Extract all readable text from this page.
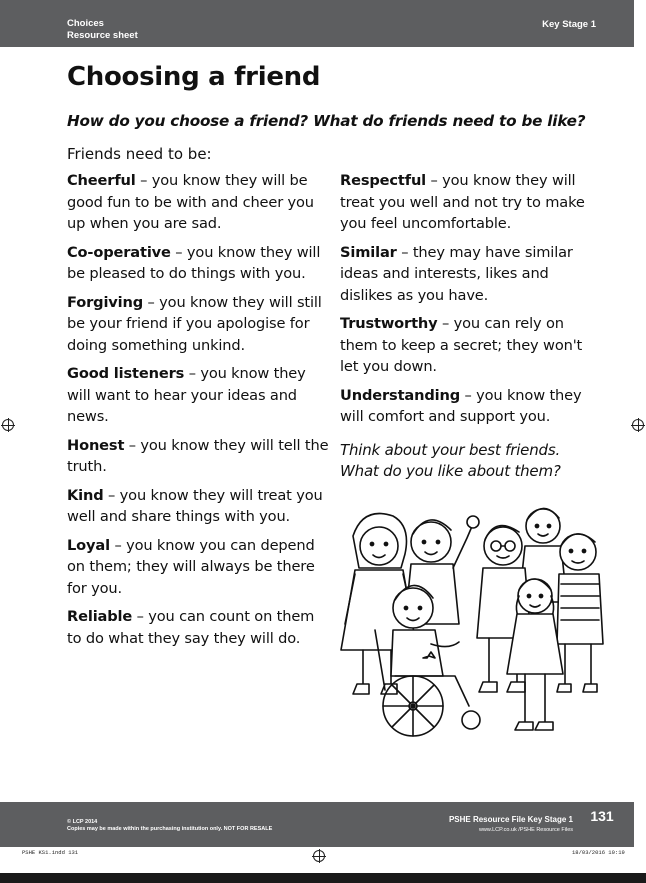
Choices
Resource sheet
Key Stage 1
Choosing a friend
How do you choose a friend? What do friends need to be like?
Friends need to be:

Cheerful – you know they will be good fun to be with and cheer you up when you are sad.

Co-operative – you know they will be pleased to do things with you.

Forgiving – you know they will still be your friend if you apologise for doing something unkind.

Good listeners – you know they will want to hear your ideas and news.

Honest – you know they will tell the truth.

Kind – you know they will treat you well and share things with you.

Loyal – you know you can depend on them; they will always be there for you.

Reliable – you can count on them to do what they say they will do.

Respectful – you know they will treat you well and not try to make you feel uncomfortable.

Similar – they may have similar ideas and interests, likes and dislikes as you have.

Trustworthy – you can rely on them to keep a secret; they won't let you down.

Understanding – you know they will comfort and support you.

Think about your best friends.
What do you like about them?
© LCP 2014
Copies may be made within the purchasing institution only. NOT FOR RESALE
PSHE Resource File Key Stage 1
www.LCP.co.uk /PSHE Resource Files
131
PSHE KS1.indd 131	18/03/2016 10:19
